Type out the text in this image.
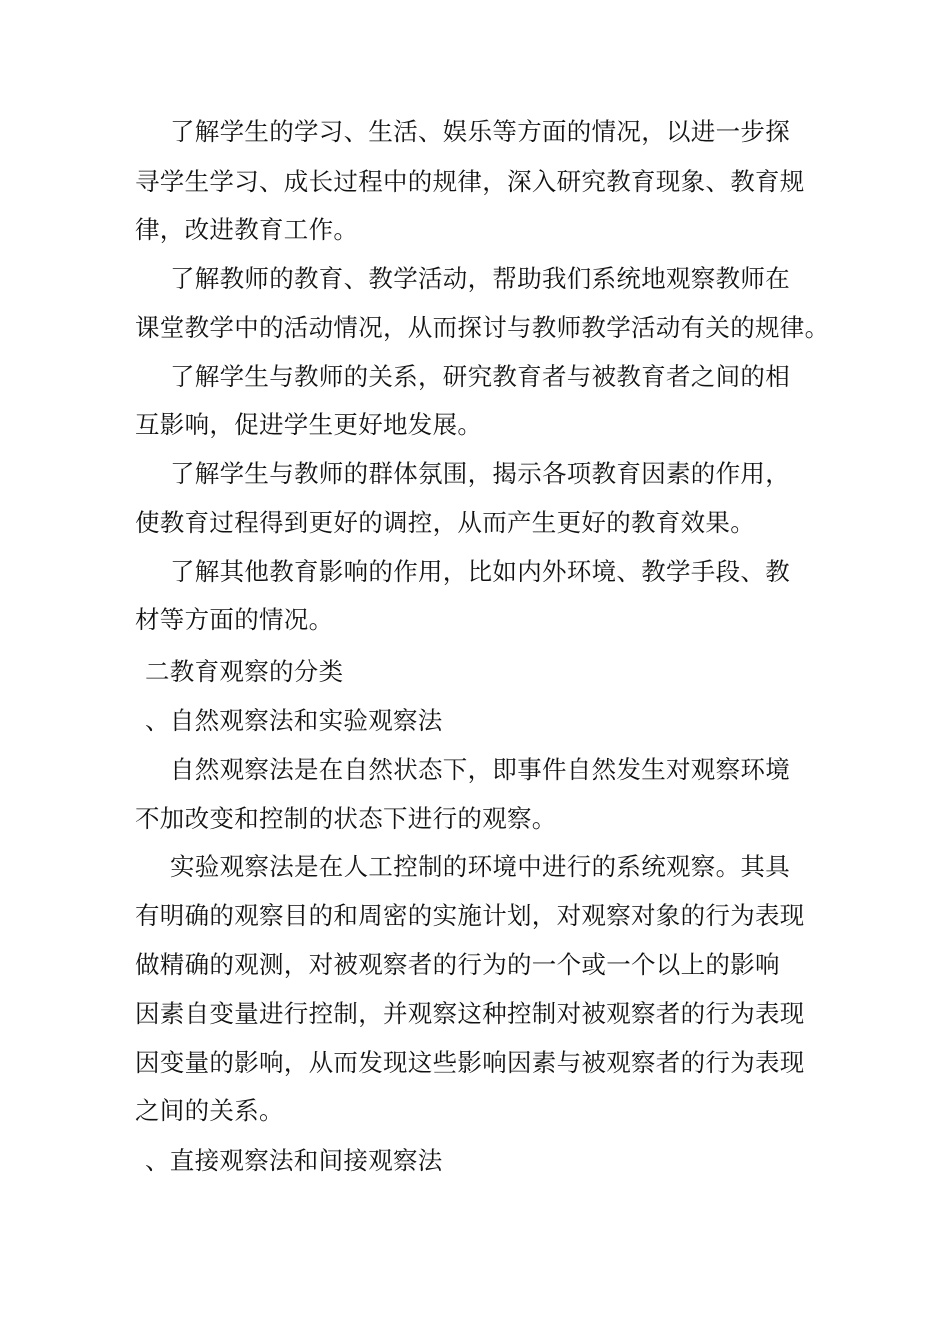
了解学生的学习、生活、娱乐等方面的情况，以进一步探
寻学生学习、成长过程中的规律，深入研究教育现象、教育规
律，改进教育工作。
了解教师的教育、教学活动，帮助我们系统地观察教师在
课堂教学中的活动情况，从而探讨与教师教学活动有关的规律。
了解学生与教师的关系，研究教育者与被教育者之间的相
互影响，促进学生更好地发展。
了解学生与教师的群体氛围，揭示各项教育因素的作用，
使教育过程得到更好的调控，从而产生更好的教育效果。
了解其他教育影响的作用，比如内外环境、教学手段、教
材等方面的情况。
二教育观察的分类
、自然观察法和实验观察法
自然观察法是在自然状态下，即事件自然发生对观察环境
不加改变和控制的状态下进行的观察。
实验观察法是在人工控制的环境中进行的系统观察。其具
有明确的观察目的和周密的实施计划，对观察对象的行为表现
做精确的观测，对被观察者的行为的一个或一个以上的影响
因素自变量进行控制，并观察这种控制对被观察者的行为表现
因变量的影响，从而发现这些影响因素与被观察者的行为表现
之间的关系。
、直接观察法和间接观察法
